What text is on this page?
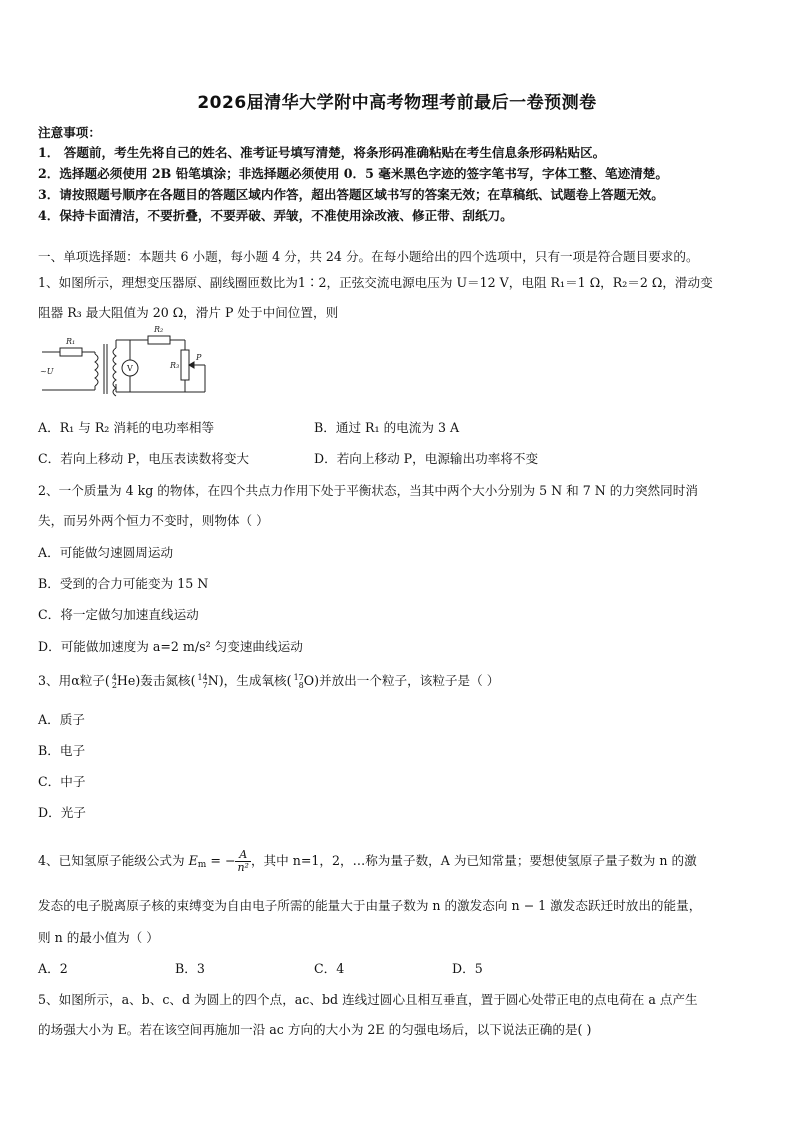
2026届清华大学附中高考物理考前最后一卷预测卷
注意事项：
1． 答题前，考生先将自己的姓名、准考证号填写清楚，将条形码准确粘贴在考生信息条形码粘贴区。
2．选择题必须使用 2B 铅笔填涂；非选择题必须使用 0．5 毫米黑色字迹的签字笔书写，字体工整、笔迹清楚。
3．请按照题号顺序在各题目的答题区域内作答，超出答题区域书写的答案无效；在草稿纸、试题卷上答题无效。
4．保持卡面清洁，不要折叠，不要弄破、弄皱，不准使用涂改液、修正带、刮纸刀。
一、单项选择题：本题共 6 小题，每小题 4 分，共 24 分。在每小题给出的四个选项中，只有一项是符合题目要求的。
1、如图所示，理想变压器原、副线圈匝数比为1∶2，正弦交流电源电压为 U＝12 V，电阻 R₁＝1 Ω，R₂＝2 Ω，滑动变
阻器 R₃ 最大阻值为 20 Ω，滑片 P 处于中间位置，则
R₁
R₂
R₃
P
~U	V
A．R₁ 与 R₂ 消耗的电功率相等	B．通过 R₁ 的电流为 3 A
C．若向上移动 P，电压表读数将变大	D．若向上移动 P，电源输出功率将不变
2、一个质量为 4 kg 的物体，在四个共点力作用下处于平衡状态，当其中两个大小分别为 5 N 和 7 N 的力突然同时消
失，而另外两个恒力不变时，则物体（ ）
A．可能做匀速圆周运动
B．受到的合力可能变为 15 N
C．将一定做匀加速直线运动
D．可能做加速度为 a=2 m/s² 匀变速曲线运动
3、用α粒子( 4
2 He)轰击氮核( 14
7 N)，生成氧核( 17
8 O)并放出一个粒子，该粒子是（ ）
A．质子
B．电子
C．中子
D．光子
4、已知氢原子能级公式为 $E_m$ = − $\frac{A}{\text{n²}}$ ，其中 n=1，2，…称为量子数，A 为已知常量；要想使氢原子量子数为 n 的激
发态的电子脱离原子核的束缚变为自由电子所需的能量大于由量子数为 n 的激发态向 n − 1 激发态跃迁时放出的能量，
则 n 的最小值为（ ）
A．2	B．3	C．4	D．5
5、如图所示，a、b、c、d 为圆上的四个点，ac、bd 连线过圆心且相互垂直，置于圆心处带正电的点电荷在 a 点产生
的场强大小为 E。若在该空间再施加一沿 ac 方向的大小为 2E 的匀强电场后，以下说法正确的是( )
